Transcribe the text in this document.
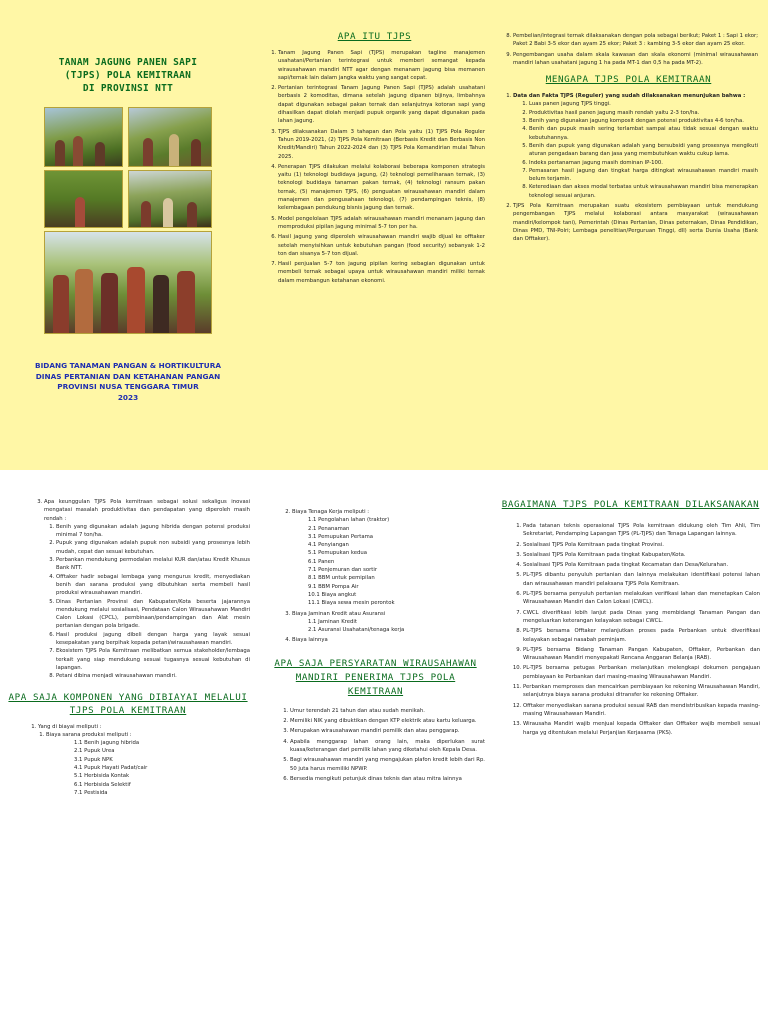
TANAM JAGUNG PANEN SAPI
(TJPS) POLA KEMITRAAN
DI PROVINSI NTT
BIDANG TANAMAN PANGAN & HORTIKULTURA
DINAS PERTANIAN DAN KETAHANAN PANGAN
PROVINSI NUSA TENGGARA TIMUR
2023
APA ITU TJPS
1. Tanam Jagung Panen Sapi (TJPS) merupakan tagline manajemen usahatani/Pertanian terintegrasi untuk memberi semangat kepada wirausahawan mandiri NTT agar dengan menanam jagung bisa memanen sapi/ternak lain dalam jangka waktu yang sangat cepat.
2. Pertanian terintegrasi Tanam Jagung Panen Sapi (TJPS) adalah usahatani berbasis 2 komoditas, dimana setelah jagung dipanen bijinya, limbahnya dapat digunakan sebagai pakan ternak dan selanjutnya kotoran sapi yang dihasilkan dapat diolah menjadi pupuk organik yang dapat digunakan pada lahan jagung.
3. TJPS dilaksanakan Dalam 3 tahapan dan Pola yaitu (1) TJPS Pola Reguler Tahun 2019-2021, (2) TJPS Pola Kemitraan (Berbasis Kredit dan Berbasis Non Kredit/Mandiri) Tahun 2022-2024 dan (3) TJPS Pola Kemandirian mulai Tahun 2025.
4. Penerapan TJPS dilakukan melalui kolaborasi beberapa komponen strategis yaitu (1) teknologi budidaya jagung, (2) teknologi pemeliharaan ternak, (3) teknologi budidaya tanaman pakan ternak, (4) teknologi ransum pakan ternak, (5) manajemen TJPS, (6) penguatan wirausahawan mandiri dalam manajemen dan pengusahaan teknologi, (7) pendampingan teknis, (8) kelembagaan pendukung bisnis jagung dan ternak.
5. Model pengelolaan TJPS adalah wirausahawan mandiri menanam jagung dan memproduksi pipilan jagung minimal 5-7 ton per ha.
6. Hasil jagung yang diperoleh wirausahawan mandiri wajib dijual ke offtaker setelah menyisihkan untuk kebutuhan pangan (food security) sebanyak 1-2 ton dan sisanya 5-7 ton dijual.
7. Hasil penjualan 5-7 ton jagung pipilan kering sebagian digunakan untuk membeli ternak sebagai upaya untuk wirausahawan mandiri miliki ternak dalam membangun ketahanan ekonomi.
8. Pembelian/integrasi ternak dilaksanakan dengan pola sebagai berikut; Paket 1 : Sapi 1 ekor; Paket 2 Babi 3-5 ekor dan ayam 25 ekor; Paket 3 : kambing 3-5 ekor dan ayam 25 ekor.
9. Pengembangan usaha dalam skala kawasan dan skala ekonomi (minimal wirausahawan mandiri lahan usahatani jagung 1 ha pada MT-1 dan 0,5 ha pada MT-2).
MENGAPA TJPS POLA KEMITRAAN
1. Data dan Fakta TJPS (Reguler) yang sudah dilaksanakan menunjukan bahwa :
1. Luas panen jagung TJPS tinggi.
2. Produktivitas hasil panen jagung masih rendah yaitu 2-3 ton/ha.
3. Benih yang digunakan jagung komposit dengan potensi produktivitas 4-6 ton/ha.
4. Benih dan pupuk masih sering terlambat sampai atau tidak sesuai dengan waktu kebutuhannya.
5. Benih dan pupuk yang digunakan adalah yang bersubsidi yang prosesnya mengikuti aturan pengadaan barang dan jasa yang membutuhkan waktu cukup lama.
6. Indeks pertanaman jagung masih dominan IP-100.
7. Pemasaran hasil jagung dan tingkat harga ditingkat wirausahawan mandiri masih belum terjamin.
8. Keterediaan dan akses modal terbatas untuk wirausahawan mandiri bisa menerapkan teknologi sesuai anjuran.
2. TJPS Pola Kemitraan merupakan suatu ekosistem pembiayaan untuk mendukung pengembangan TJPS melalui kolaborasi antara masyarakat (wirausahawan mandiri/kelompok tani), Pemerintah (Dinas Pertanian, Dinas peternakan, Dinas Pendidikan, Dinas PMD, TNI-Polri; Lembaga penelitian/Perguruan Tinggi, dll) serta Dunia Usaha (Bank dan Offtaker).
3. Apa keunggulan TJPS Pola kemitraan sebagai solusi sekaligus inovasi mengatasi masalah produktivitas dan pendapatan yang diperoleh masih rendah :
1. Benih yang digunakan adalah jagung hibrida dengan potensi produksi minimal 7 ton/ha.
2. Pupuk yang digunakan adalah pupuk non subsidi yang prosesnya lebih mudah, cepat dan sesuai kebutuhan.
3. Perbankan mendukung permodalan melalui KUR dan/atau Kredit Khusus Bank NTT.
4. Offtaker hadir sebagai lembaga yang mengurus kredit, menyediakan benih dan sarana produksi yang dibutuhkan serta membeli hasil produksi wirausahawan mandiri.
5. Dinas Pertanian Provinsi dan Kabupaten/Kota beserta jajarannya mendukung melalui sosialisasi, Pendataan Calon Wirausahawan Mandiri Calon Lokasi (CPCL), pembinaan/pendampingan dan Alat mesin pertanian dengan pola brigade.
6. Hasil produksi jagung dibeli dengan harga yang layak sesuai kesepakatan yang berpihak kepada petani/wirausahawan mandiri.
7. Ekosistem TJPS Pola Kemitraan melibatkan semua stakeholder/lembaga terkait yang siap mendukung sesuai tugasnya sesuai kebutuhan di lapangan.
8. Petani dibina menjadi wirausahawan mandiri.
APA SAJA KOMPONEN YANG DIBIAYAI MELALUI TJPS POLA KEMITRAAN
1. Yang di biayai meliputi :
1. Biaya sarana produksi meliputi :
1.1 Benih jagung hibrida
2.1 Pupuk Urea
3.1 Pupuk NPK
4.1 Pupuk Hayati Padat/cair
5.1 Herbisida Kontak
6.1 Herbisida Selektif
7.1 Pestisida
2. Biaya Tenaga Kerja meliputi :
1.1 Pengolahan lahan (traktor)
2.1 Penanaman
3.1 Pemupukan Pertama
4.1 Penyiangan
5.1 Pemupukan kedua
6.1 Panen
7.1 Penjemuran dan sortir
8.1 BBM untuk pemipilan
9.1 BBM Pompa Air
10.1 Biaya angkut
11.1 Biaya sewa mesin perontok
3. Biaya Jaminan Kredit atau Asuransi
1.1 Jaminan Kredit
2.1 Asuransi Usahatani/tenaga kerja
4. Biaya lainnya
APA SAJA PERSYARATAN WIRAUSAHAWAN MANDIRI PENERIMA TJPS POLA KEMITRAAN
1. Umur terendah 21 tahun dan atau sudah menikah.
2. Memiliki NIK yang dibuktikan dengan KTP elektrik atau kartu keluarga.
3. Merupakan wirausahawan mandiri pemilik dan atau penggarap.
4. Apabila menggarap lahan orang lain, maka diperlukan surat kuasa/keterangan dari pemilik lahan yang diketahui oleh Kepala Desa.
5. Bagi wirausahawan mandiri yang mengajukan plafon kredit lebih dari Rp. 50 juta harus memiliki NPWP.
6. Bersedia mengikuti petunjuk dinas teknis dan atau mitra lainnya
BAGAIMANA TJPS POLA KEMITRAAN DILAKSANAKAN
1. Pada tatanan teknis operasional TJPS Pola kemitraan didukung oleh Tim Ahli, Tim Sekretariat, Pendamping Lapangan TJPS (PL-TJPS) dan Tenaga Lapangan lainnya.
2. Sosialisasi TJPS Pola Kemitraan pada tingkat Provinsi.
3. Sosialisasi TJPS Pola Kemitraan pada tingkat Kabupaten/Kota.
4. Sosialisasi TJPS Pola Kemitraan pada tingkat Kecamatan dan Desa/Kelurahan.
5. PL-TJPS dibantu penyuluh pertanian dan lainnya melakukan identifikasi potensi lahan dan wirausahawan mandiri pelaksana TJPS Pola Kemitraan.
6. PL-TJPS bersama penyuluh pertanian melakukan verifikasi lahan dan menetapkan Calon Wirausahawan Mandiri dan Calon Lokasi (CWCL).
7. CWCL diverifikasi lebih lanjut pada Dinas yang membidangi Tanaman Pangan dan mengeluarkan keterangan kelayakan sebagai CWCL.
8. PL-TJPS bersama Offtaker melanjutkan proses pada Perbankan untuk diverifikasi kelayakan sebagai nasabah peminjam.
9. PL-TJPS bersama Bidang Tanaman Pangan Kabupaten, Offtaker, Perbankan dan Wirausahawan Mandiri menyepakati Rencana Anggaran Belanja (RAB).
10. PL-TJPS bersama petugas Perbankan melanjutkan melengkapi dokumen pengajuan pembiayaan ke Perbankan dari masing-masing Wirausahawan Mandiri.
11. Perbankan memproses dan mencairkan pembiayaan ke rekening Wirausahawan Mandiri, selanjutnya biaya sarana produksi ditransfer ke rekening Offtaker.
12. Offtaker menyediakan sarana produksi sesuai RAB dan mendistribusikan kepada masing-masing Wirausahawan Mandiri.
13. Wirausaha Mandiri wajib menjual kepada Offtaker dan Offtaker wajib membeli sesuai harga yg ditentukan melalui Perjanjian Kerjasama (PKS).
